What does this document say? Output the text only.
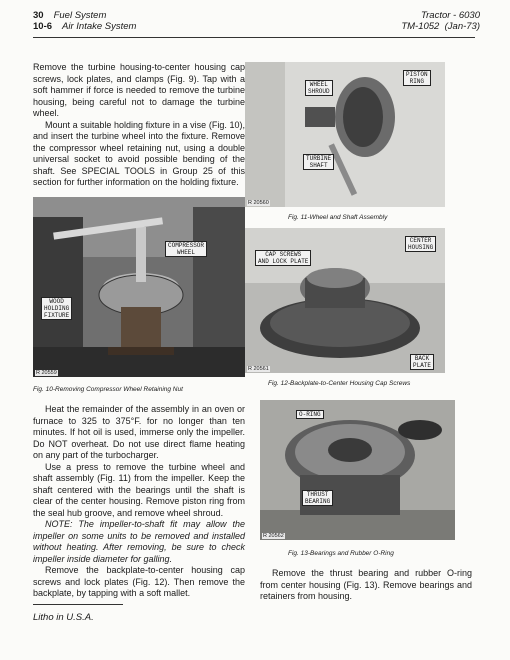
30 Fuel System
10-6 Air Intake System
Tractor - 6030
TM-1052 (Jan-73)

Remove the turbine housing-to-center housing cap screws, lock plates, and clamps (Fig. 9). Tap with a soft hammer if force is needed to remove the turbine housing, being careful not to damage the turbine wheel.

Mount a suitable holding fixture in a vise (Fig. 10), and insert the turbine wheel into the fixture. Remove the compressor wheel retaining nut, using a double universal socket to avoid possible bending of the shaft. See SPECIAL TOOLS in Group 25 of this section for further information on the holding fixture.

COMPRESSOR
WHEEL
WOOD
HOLDING
FIXTURE
R 20559
Fig. 10-Removing Compressor Wheel Retaining Nut

Heat the remainder of the assembly in an oven or furnace to 325 to 375°F. for no longer than ten minutes. If hot oil is used, immerse only the impeller. Do NOT overheat. Do not use direct flame heating on any part of the turbocharger.

Use a press to remove the turbine wheel and shaft assembly (Fig. 11) from the impeller. Keep the shaft centered with the bearings until the shaft is clear of the center housing. Remove piston ring from the seal hub groove, and remove wheel shroud.

NOTE: The impeller-to-shaft fit may allow the impeller on some units to be removed and installed without heating. After removing, be sure to check impeller inside diameter for galling.

Remove the backplate-to-center housing cap screws and lock plates (Fig. 12). Then remove the backplate, by tapping with a soft mallet.

WHEEL
SHROUD
PISTON
RING
TURBINE
SHAFT
R 20560
Fig. 11-Wheel and Shaft Assembly
CAP SCREWS
AND LOCK PLATE
CENTER
HOUSING
BACK
PLATE
R 20561
Fig. 12-Backplate-to-Center Housing Cap Screws
O-RING
THRUST
BEARING
R 20562
Fig. 13-Bearings and Rubber O-Ring

Remove the thrust bearing and rubber O-ring from center housing (Fig. 13). Remove bearings and retainers from housing.

Litho in U.S.A.
